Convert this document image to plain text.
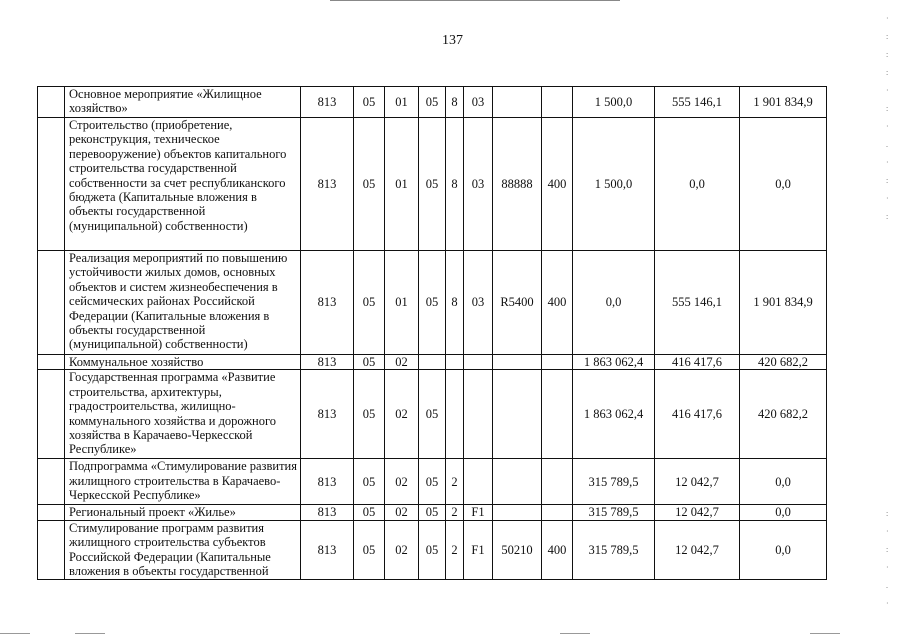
137
·
:
:
:
·
:
·
.
·
:
·
:
:
·
:
·
.
·
	Основное мероприятие «Жилищное хозяйство»	813	05	01	05	8	03			1 500,0	555 146,1	1 901 834,9
	Строительство (приобретение, реконструкция, техническое перевооружение) объектов капитального строительства государственной собственности за счет республиканского бюджета (Капитальные вложения в объекты государственной (муниципальной) собственности)	813	05	01	05	8	03	88888	400	1 500,0	0,0	0,0
	Реализация мероприятий по повышению устойчивости жилых домов, основных объектов и систем жизнеобеспечения в сейсмических районах Российской Федерации (Капитальные вложения в объекты государственной (муниципальной) собственности)	813	05	01	05	8	03	R5400	400	0,0	555 146,1	1 901 834,9
	Коммунальное хозяйство	813	05	02						1 863 062,4	416 417,6	420 682,2
	Государственная программа «Развитие строительства, архитектуры, градостроительства, жилищно-коммунального хозяйства и дорожного хозяйства в Карачаево-Черкесской Республике»	813	05	02	05					1 863 062,4	416 417,6	420 682,2
	Подпрограмма «Стимулирование развития жилищного строительства в Карачаево-Черкесской Республике»	813	05	02	05	2				315 789,5	12 042,7	0,0
	Региональный проект «Жилье»	813	05	02	05	2	F1			315 789,5	12 042,7	0,0
	Стимулирование программ развития жилищного строительства субъектов Российской Федерации (Капитальные вложения в объекты государственной	813	05	02	05	2	F1	50210	400	315 789,5	12 042,7	0,0
